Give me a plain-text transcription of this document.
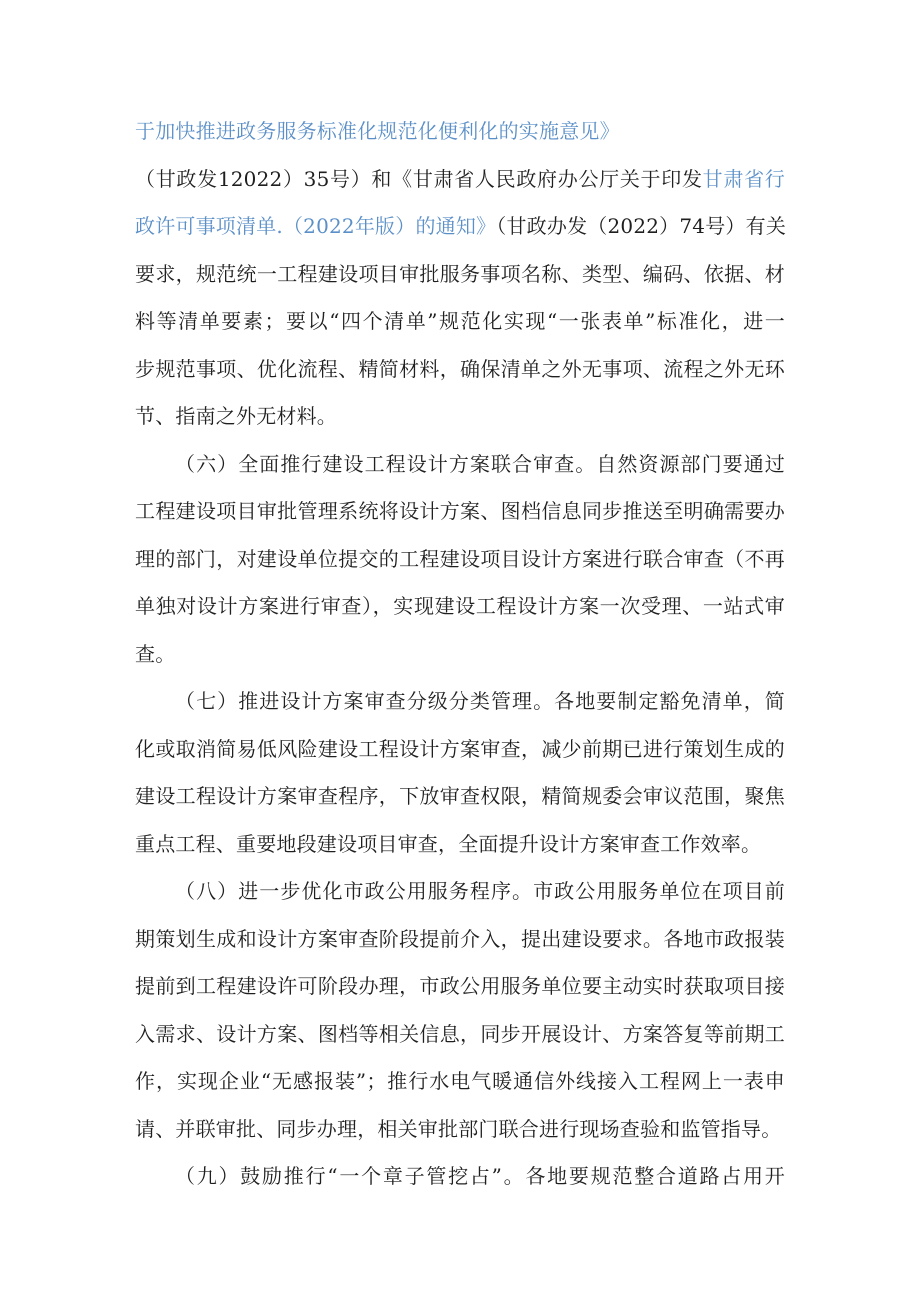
于加快推进政务服务标准化规范化便利化的实施意见》
（甘政发12022）35号）和《甘肃省人民政府办公厅关于印发甘肃省行
政许可事项清单.（2022年版）的通知》（甘政办发（2022）74号）有关
要求，规范统一工程建设项目审批服务事项名称、类型、编码、依据、材
料等清单要素；要以“四个清单”规范化实现“一张表单”标准化，进一
步规范事项、优化流程、精简材料，确保清单之外无事项、流程之外无环
节、指南之外无材料。
（六）全面推行建设工程设计方案联合审查。自然资源部门要通过
工程建设项目审批管理系统将设计方案、图档信息同步推送至明确需要办
理的部门，对建设单位提交的工程建设项目设计方案进行联合审查（不再
单独对设计方案进行审查），实现建设工程设计方案一次受理、一站式审
查。
（七）推进设计方案审查分级分类管理。各地要制定豁免清单，简
化或取消简易低风险建设工程设计方案审查，减少前期已进行策划生成的
建设工程设计方案审查程序，下放审查权限，精简规委会审议范围，聚焦
重点工程、重要地段建设项目审查，全面提升设计方案审查工作效率。
（八）进一步优化市政公用服务程序。市政公用服务单位在项目前
期策划生成和设计方案审查阶段提前介入，提出建设要求。各地市政报装
提前到工程建设许可阶段办理，市政公用服务单位要主动实时获取项目接
入需求、设计方案、图档等相关信息，同步开展设计、方案答复等前期工
作，实现企业“无感报装”；推行水电气暖通信外线接入工程网上一表申
请、并联审批、同步办理，相关审批部门联合进行现场查验和监管指导。
（九）鼓励推行“一个章子管挖占”。各地要规范整合道路占用开
